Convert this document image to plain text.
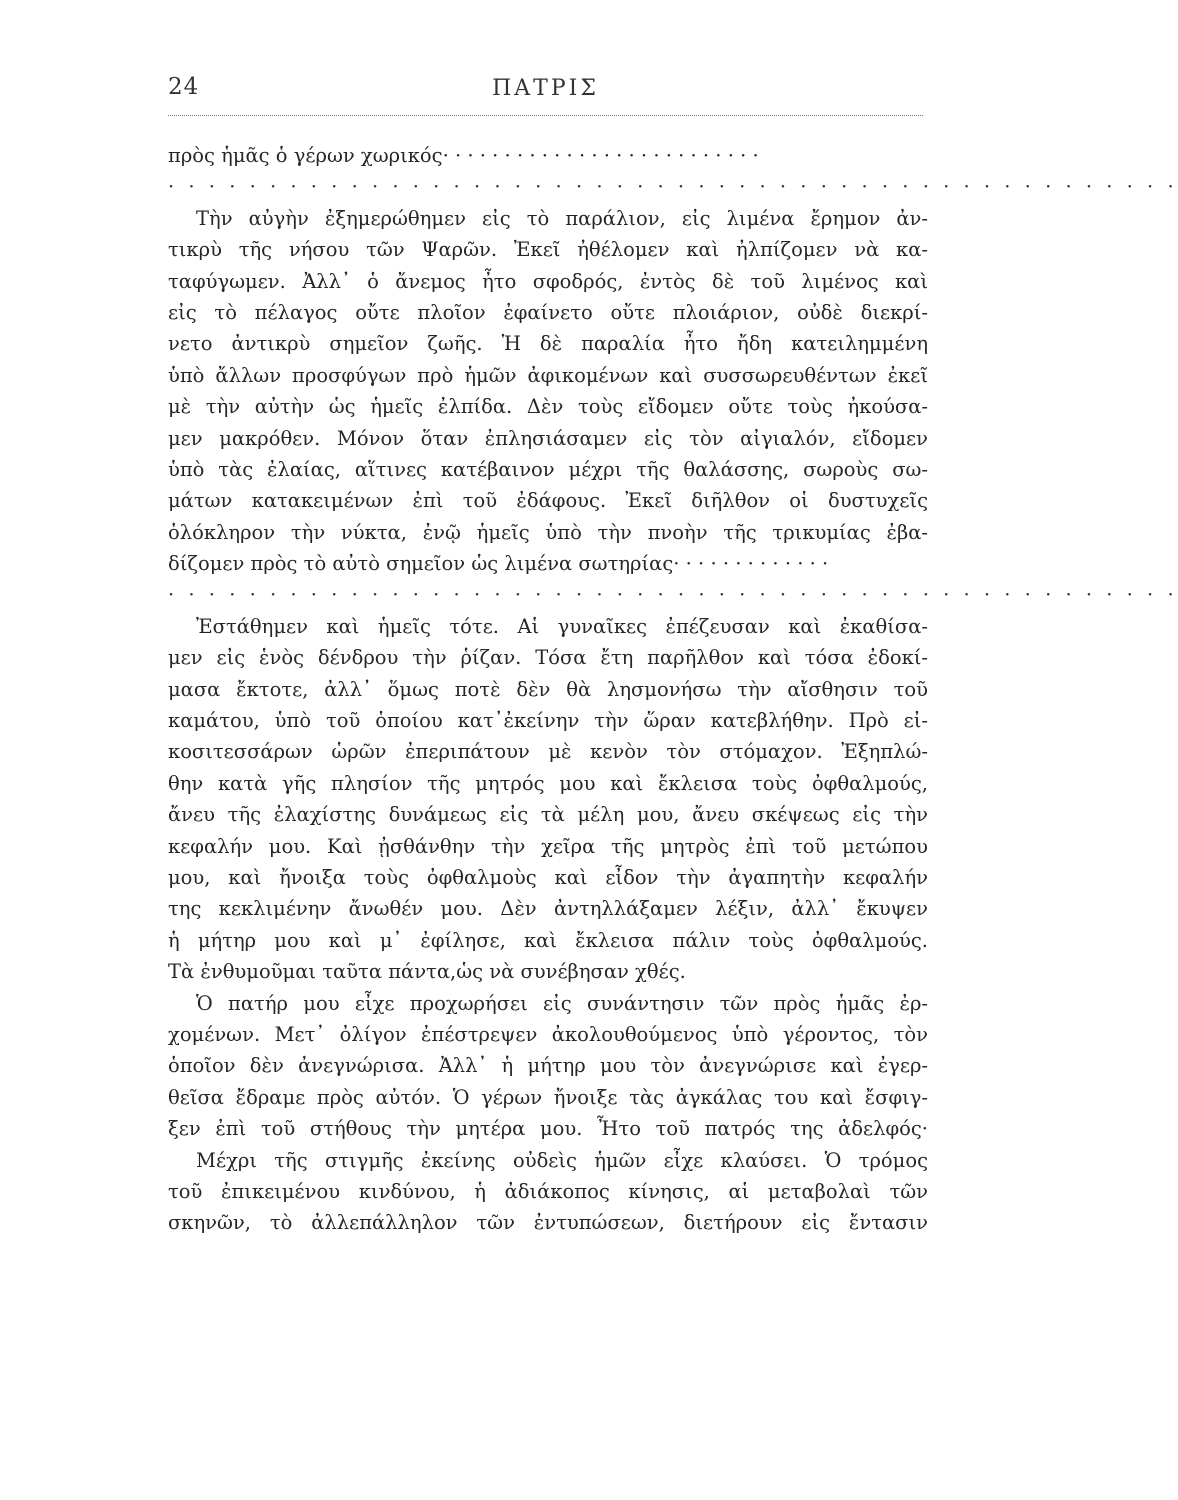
24	ΠΑΤΡΙΣ
πρὸς ἡμᾶς ὁ γέρων χωρικός· · · · · · · · · · · · · · · · · · · · · · · · · ·
· · · · · · · · · · · · · · · · · · · · · · · · · · · · · · · · · · · · · · · · · · · · · · · · · ·
Τὴν αὐγὴν ἐξημερώθημεν εἰς τὸ παράλιον, εἰς λιμένα ἔρημον ἀν-
τικρὺ τῆς νήσου τῶν Ψαρῶν. Ἐκεῖ ἠθέλομεν καὶ ἠλπίζομεν νὰ κα-
ταφύγωμεν. Ἀλλ᾽ ὁ ἄνεμος ἦτο σφοδρός, ἐντὸς δὲ τοῦ λιμένος καὶ
εἰς τὸ πέλαγος οὔτε πλοῖον ἐφαίνετο οὔτε πλοιάριον, οὐδὲ διεκρί-
νετο ἀντικρὺ σημεῖον ζωῆς. Ἡ δὲ παραλία ἦτο ἤδη κατειλημμένη
ὑπὸ ἄλλων προσφύγων πρὸ ἡμῶν ἀφικομένων καὶ συσσωρευθέντων ἐκεῖ
μὲ τὴν αὐτὴν ὡς ἡμεῖς ἐλπίδα. Δὲν τοὺς εἴδομεν οὔτε τοὺς ἠκούσα-
μεν μακρόθεν. Μόνον ὅταν ἐπλησιάσαμεν εἰς τὸν αἰγιαλόν, εἴδομεν
ὑπὸ τὰς ἐλαίας, αἵτινες κατέβαινον μέχρι τῆς θαλάσσης, σωροὺς σω-
μάτων κατακειμένων ἐπὶ τοῦ ἐδάφους. Ἐκεῖ διῆλθον οἱ δυστυχεῖς
ὁλόκληρον τὴν νύκτα, ἐνῷ ἡμεῖς ὑπὸ τὴν πνοὴν τῆς τρικυμίας ἐβα-
δίζομεν πρὸς τὸ αὐτὸ σημεῖον ὡς λιμένα σωτηρίας· · · · · · · · · · · · ·
· · · · · · · · · · · · · · · · · · · · · · · · · · · · · · · · · · · · · · · · · · · · · · · · · ·
Ἐστάθημεν καὶ ἡμεῖς τότε. Αἱ γυναῖκες ἐπέζευσαν καὶ ἐκαθίσα-
μεν εἰς ἑνὸς δένδρου τὴν ῥίζαν. Τόσα ἔτη παρῆλθον καὶ τόσα ἐδοκί-
μασα ἔκτοτε, ἀλλ᾽ ὅμως ποτὲ δὲν θὰ λησμονήσω τὴν αἴσθησιν τοῦ
καμάτου, ὑπὸ τοῦ ὁποίου κατ᾽ἐκείνην τὴν ὥραν κατεβλήθην. Πρὸ εἰ-
κοσιτεσσάρων ὡρῶν ἐπεριπάτουν μὲ κενὸν τὸν στόμαχον. Ἐξηπλώ-
θην κατὰ γῆς πλησίον τῆς μητρός μου καὶ ἔκλεισα τοὺς ὀφθαλμούς,
ἄνευ τῆς ἐλαχίστης δυνάμεως εἰς τὰ μέλη μου, ἄνευ σκέψεως εἰς τὴν
κεφαλήν μου. Καὶ ᾐσθάνθην τὴν χεῖρα τῆς μητρὸς ἐπὶ τοῦ μετώπου
μου, καὶ ἤνοιξα τοὺς ὀφθαλμοὺς καὶ εἶδον τὴν ἀγαπητὴν κεφαλήν
της κεκλιμένην ἄνωθέν μου. Δὲν ἀντηλλάξαμεν λέξιν, ἀλλ᾽ ἔκυψεν
ἡ μήτηρ μου καὶ μ᾽ ἐφίλησε, καὶ ἔκλεισα πάλιν τοὺς ὀφθαλμούς.
Τὰ ἐνθυμοῦμαι ταῦτα πάντα,ὡς νὰ συνέβησαν χθές.
Ὁ πατήρ μου εἶχε προχωρήσει εἰς συνάντησιν τῶν πρὸς ἡμᾶς ἐρ-
χομένων. Μετ᾽ ὀλίγον ἐπέστρεψεν ἀκολουθούμενος ὑπὸ γέροντος, τὸν
ὁποῖον δὲν ἀνεγνώρισα. Ἀλλ᾽ ἡ μήτηρ μου τὸν ἀνεγνώρισε καὶ ἐγερ-
θεῖσα ἔδραμε πρὸς αὐτόν. Ὁ γέρων ἤνοιξε τὰς ἀγκάλας του καὶ ἔσφιγ-
ξεν ἐπὶ τοῦ στήθους τὴν μητέρα μου. Ἦτο τοῦ πατρός της ἀδελφός·
Μέχρι τῆς στιγμῆς ἐκείνης οὐδεὶς ἡμῶν εἶχε κλαύσει. Ὁ τρόμος
τοῦ ἐπικειμένου κινδύνου, ἡ ἀδιάκοπος κίνησις, αἱ μεταβολαὶ τῶν
σκηνῶν, τὸ ἀλλεπάλληλον τῶν ἐντυπώσεων, διετήρουν εἰς ἔντασιν
